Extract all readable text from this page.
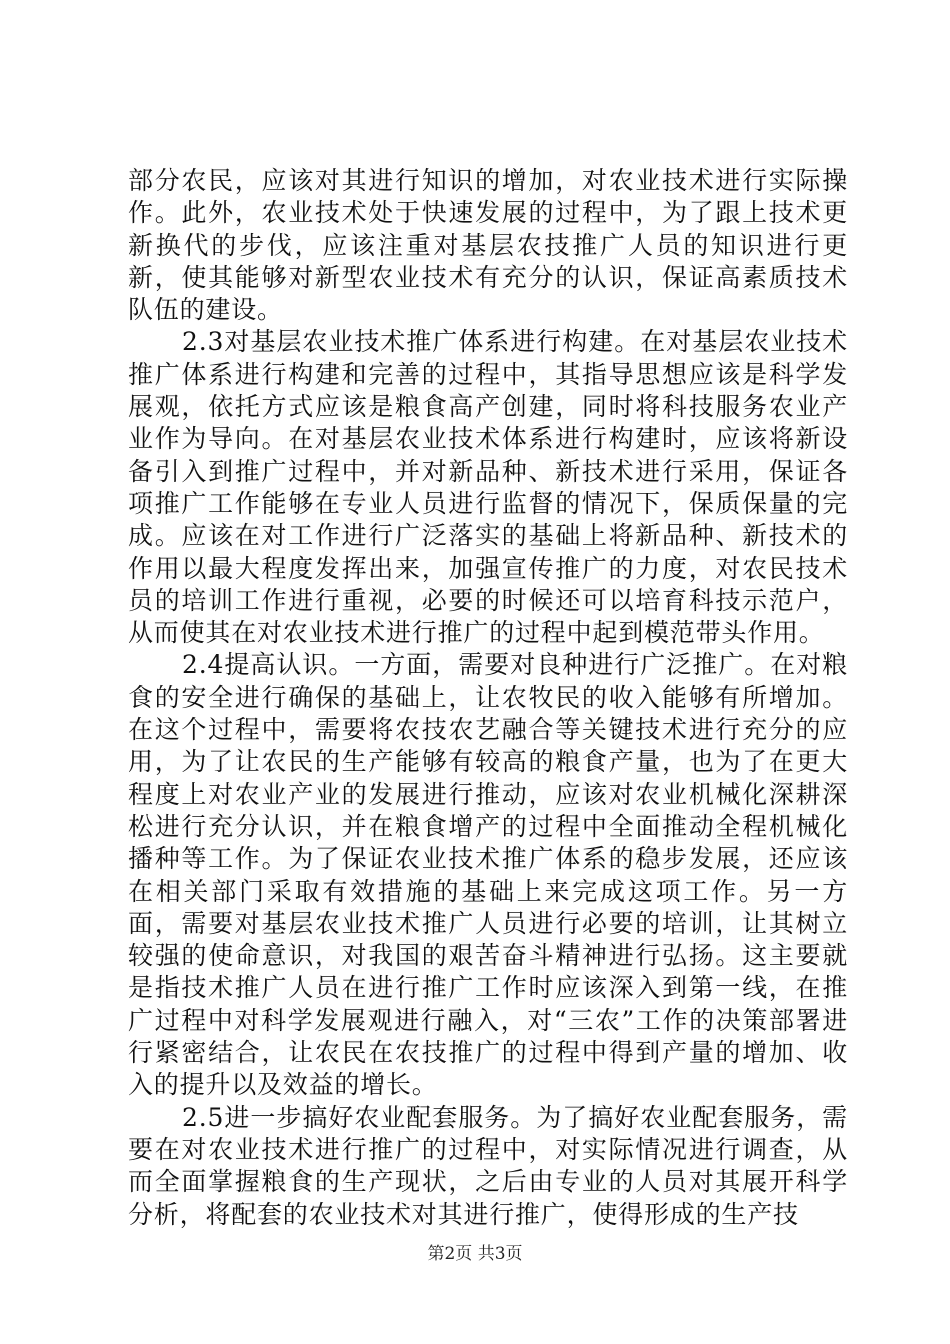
部分农民，应该对其进行知识的增加，对农业技术进行实际操作。此外，农业技术处于快速发展的过程中，为了跟上技术更新换代的步伐，应该注重对基层农技推广人员的知识进行更新，使其能够对新型农业技术有充分的认识，保证高素质技术队伍的建设。

2.3对基层农业技术推广体系进行构建。在对基层农业技术推广体系进行构建和完善的过程中，其指导思想应该是科学发展观，依托方式应该是粮食高产创建，同时将科技服务农业产业作为导向。在对基层农业技术体系进行构建时，应该将新设备引入到推广过程中，并对新品种、新技术进行采用，保证各项推广工作能够在专业人员进行监督的情况下，保质保量的完成。应该在对工作进行广泛落实的基础上将新品种、新技术的作用以最大程度发挥出来，加强宣传推广的力度，对农民技术员的培训工作进行重视，必要的时候还可以培育科技示范户，从而使其在对农业技术进行推广的过程中起到模范带头作用。

2.4提高认识。一方面，需要对良种进行广泛推广。在对粮食的安全进行确保的基础上，让农牧民的收入能够有所增加。在这个过程中，需要将农技农艺融合等关键技术进行充分的应用，为了让农民的生产能够有较高的粮食产量，也为了在更大程度上对农业产业的发展进行推动，应该对农业机械化深耕深松进行充分认识，并在粮食增产的过程中全面推动全程机械化播种等工作。为了保证农业技术推广体系的稳步发展，还应该在相关部门采取有效措施的基础上来完成这项工作。另一方面，需要对基层农业技术推广人员进行必要的培训，让其树立较强的使命意识，对我国的艰苦奋斗精神进行弘扬。这主要就是指技术推广人员在进行推广工作时应该深入到第一线，在推广过程中对科学发展观进行融入，对“三农”工作的决策部署进行紧密结合，让农民在农技推广的过程中得到产量的增加、收入的提升以及效益的增长。

2.5进一步搞好农业配套服务。为了搞好农业配套服务，需要在对农业技术进行推广的过程中，对实际情况进行调查，从而全面掌握粮食的生产现状，之后由专业的人员对其展开科学分析，将配套的农业技术对其进行推广，使得形成的生产技

第2页 共3页
